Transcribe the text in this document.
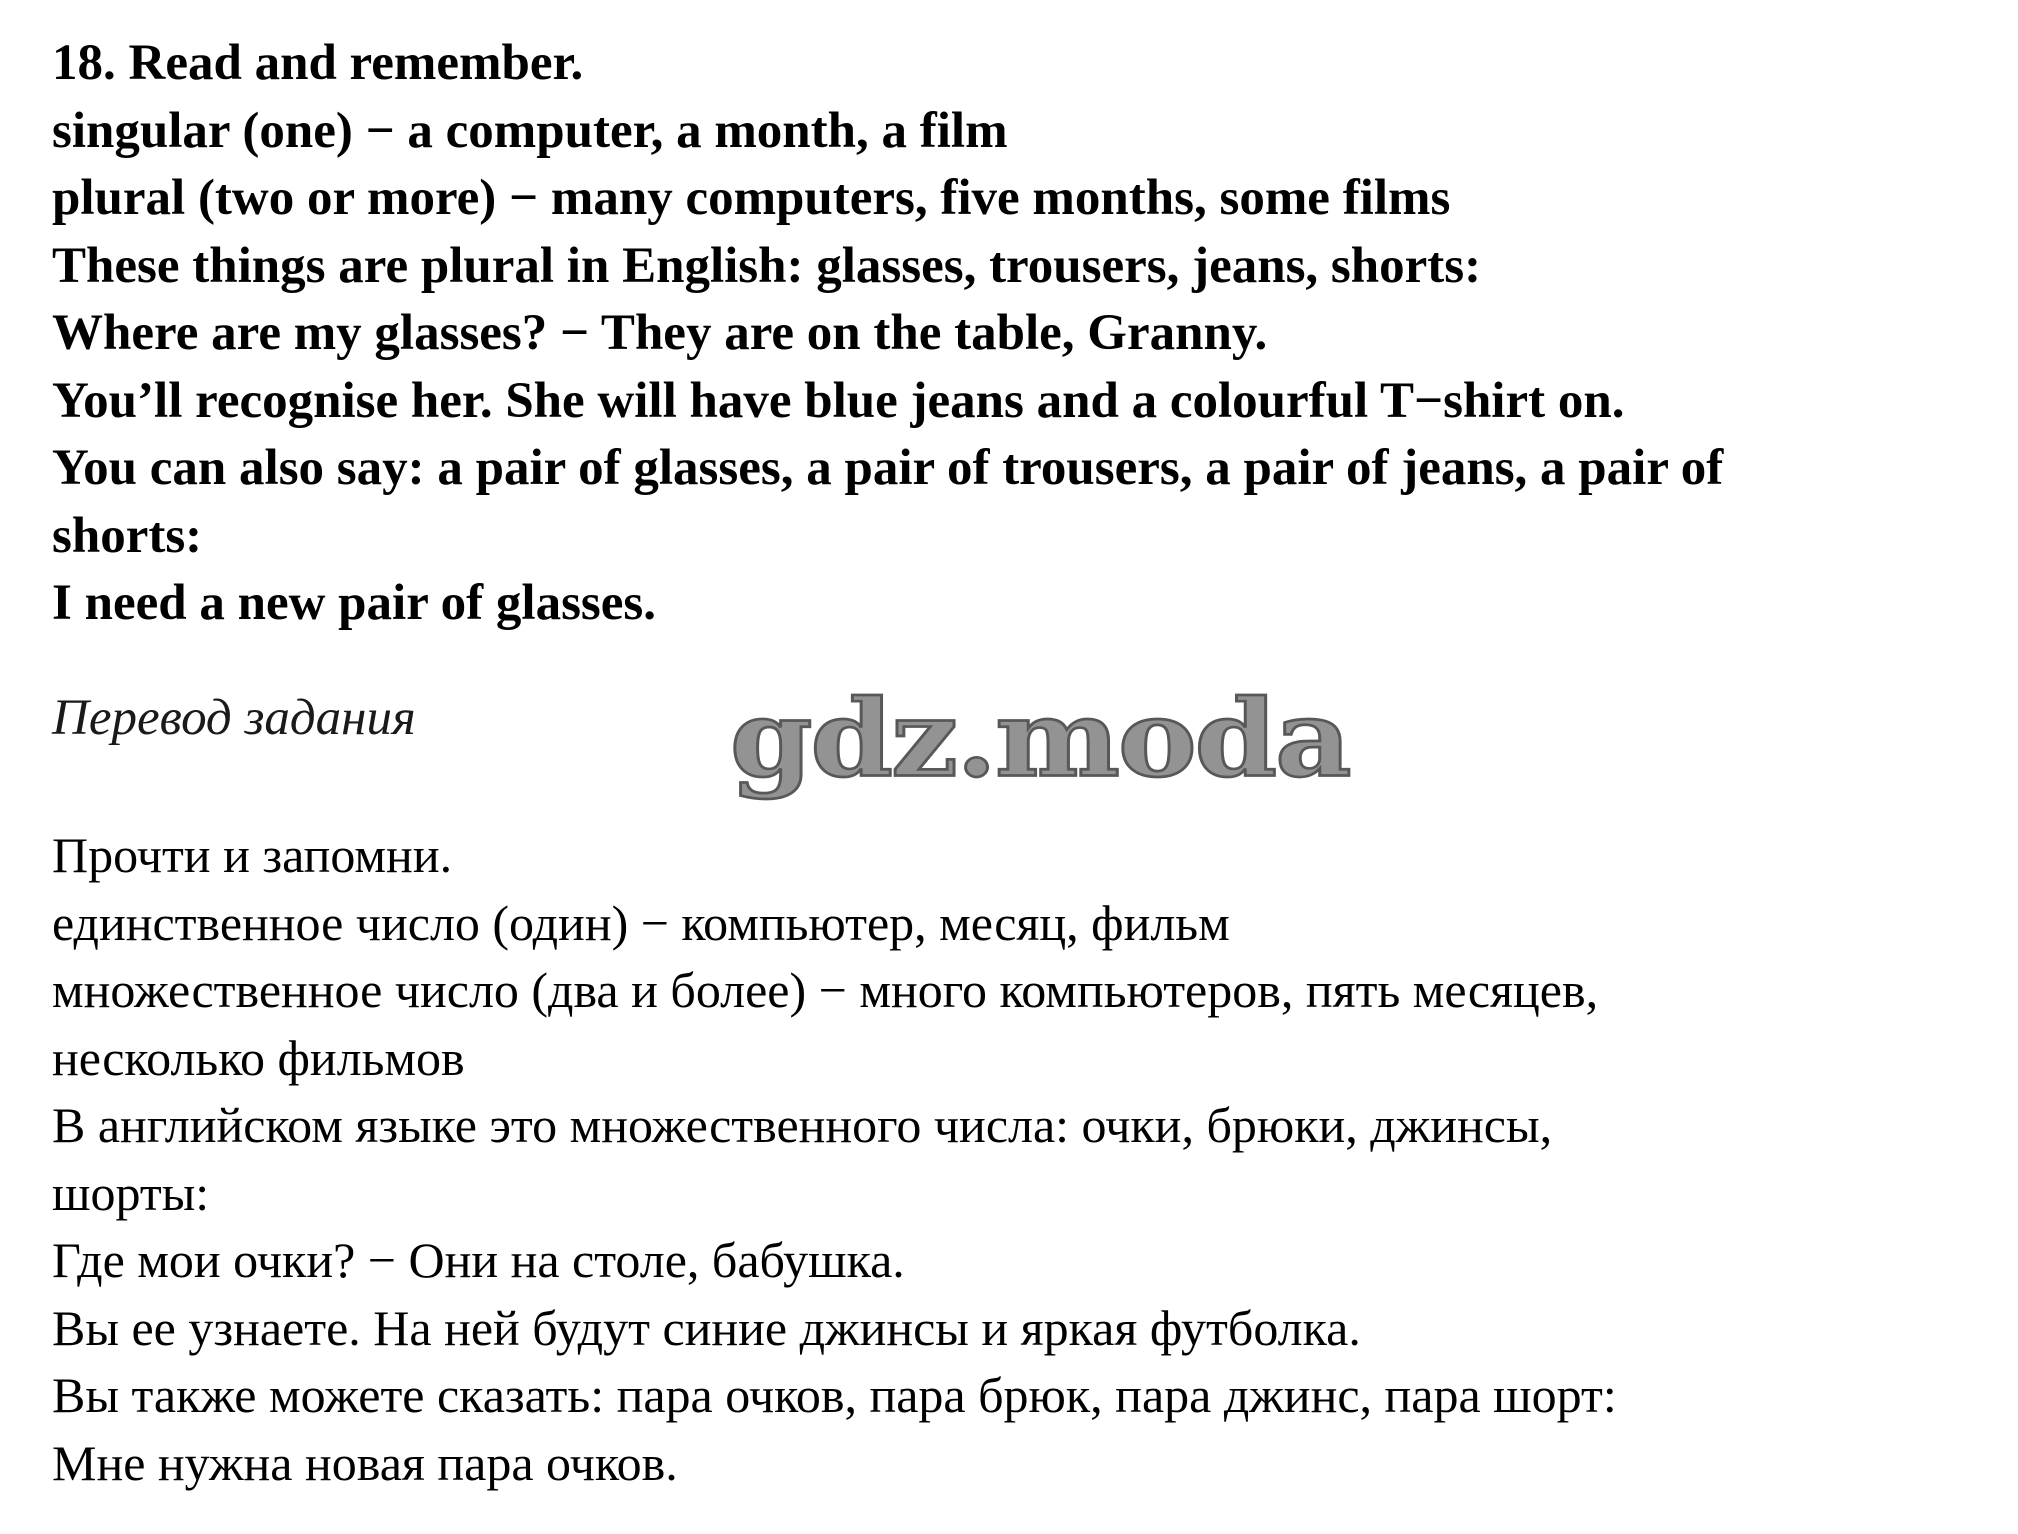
18. Read and remember.

singular (one) − a computer, a month, a film

plural (two or more) − many computers, five months, some films

These things are plural in English: glasses, trousers, jeans, shorts:

Where are my glasses? − They are on the table, Granny.

You’ll recognise her. She will have blue jeans and a colourful T−shirt on.

You can also say: a pair of glasses, a pair of trousers, a pair of jeans, a pair of

shorts:

I need a new pair of glasses.

Перевод задания

Прочти и запомни.

единственное число (один) − компьютер, месяц, фильм

множественное число (два и более) − много компьютеров, пять месяцев,

несколько фильмов

В английском языке это множественного числа: очки, брюки, джинсы,

шорты:

Где мои очки? − Они на столе, бабушка.

Вы ее узнаете. На ней будут синие джинсы и яркая футболка.

Вы также можете сказать: пара очков, пара брюк, пара джинс, пара шорт:

Мне нужна новая пара очков.

gdz.moda
